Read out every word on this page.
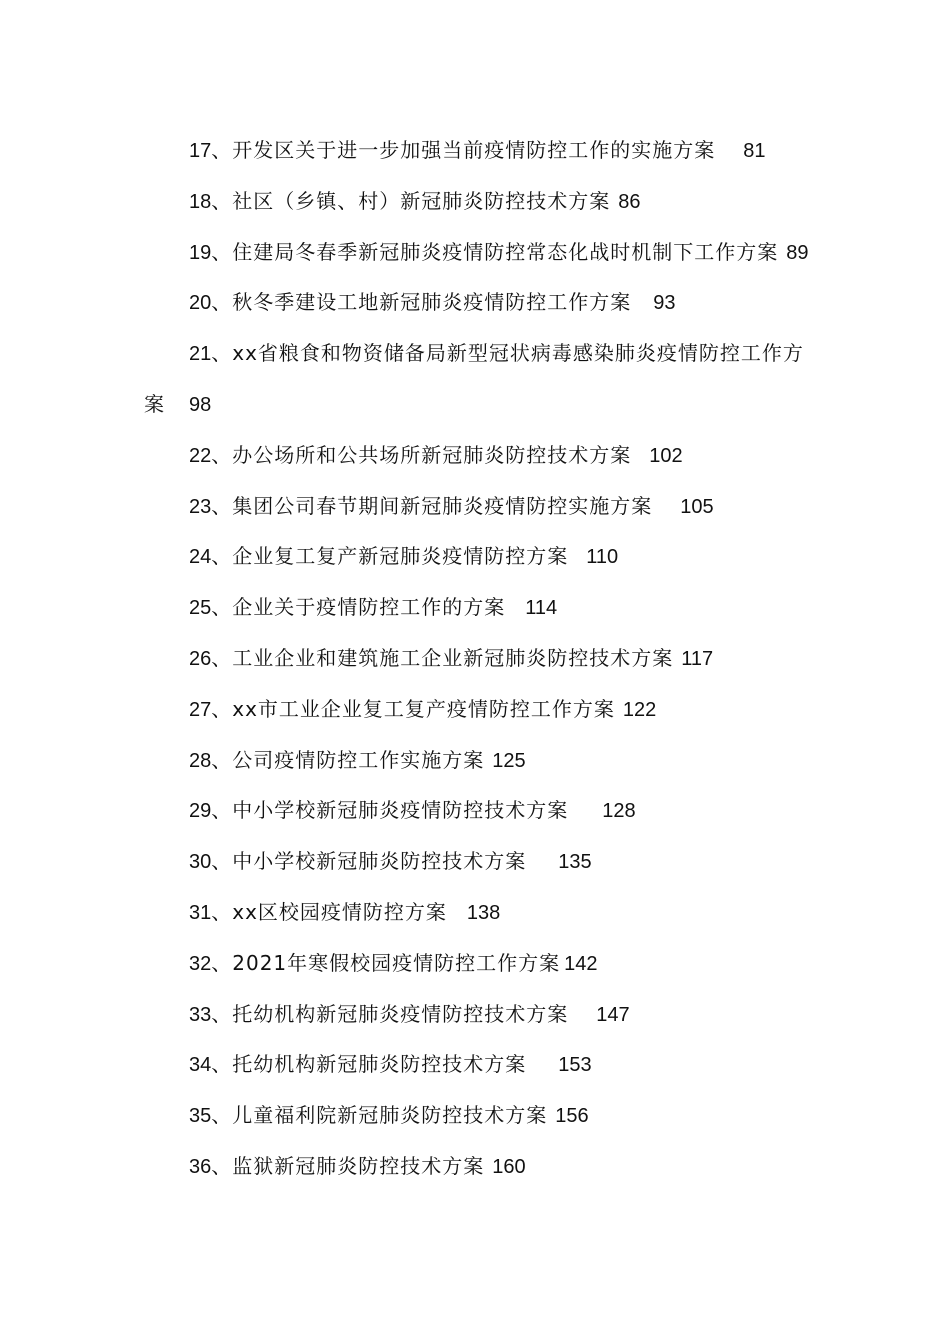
17、开发区关于进一步加强当前疫情防控工作的实施方案 81
18、社区（乡镇、村）新冠肺炎防控技术方案 86
19、住建局冬春季新冠肺炎疫情防控常态化战时机制下工作方案 89
20、秋冬季建设工地新冠肺炎疫情防控工作方案 93
21、xx省粮食和物资储备局新型冠状病毒感染肺炎疫情防控工作方案 98
22、办公场所和公共场所新冠肺炎防控技术方案 102
23、集团公司春节期间新冠肺炎疫情防控实施方案 105
24、企业复工复产新冠肺炎疫情防控方案 110
25、企业关于疫情防控工作的方案 114
26、工业企业和建筑施工企业新冠肺炎防控技术方案 117
27、xx市工业企业复工复产疫情防控工作方案 122
28、公司疫情防控工作实施方案 125
29、中小学校新冠肺炎疫情防控技术方案 128
30、中小学校新冠肺炎防控技术方案 135
31、xx区校园疫情防控方案 138
32、2021年寒假校园疫情防控工作方案 142
33、托幼机构新冠肺炎疫情防控技术方案 147
34、托幼机构新冠肺炎防控技术方案 153
35、儿童福利院新冠肺炎防控技术方案 156
36、监狱新冠肺炎防控技术方案 160
